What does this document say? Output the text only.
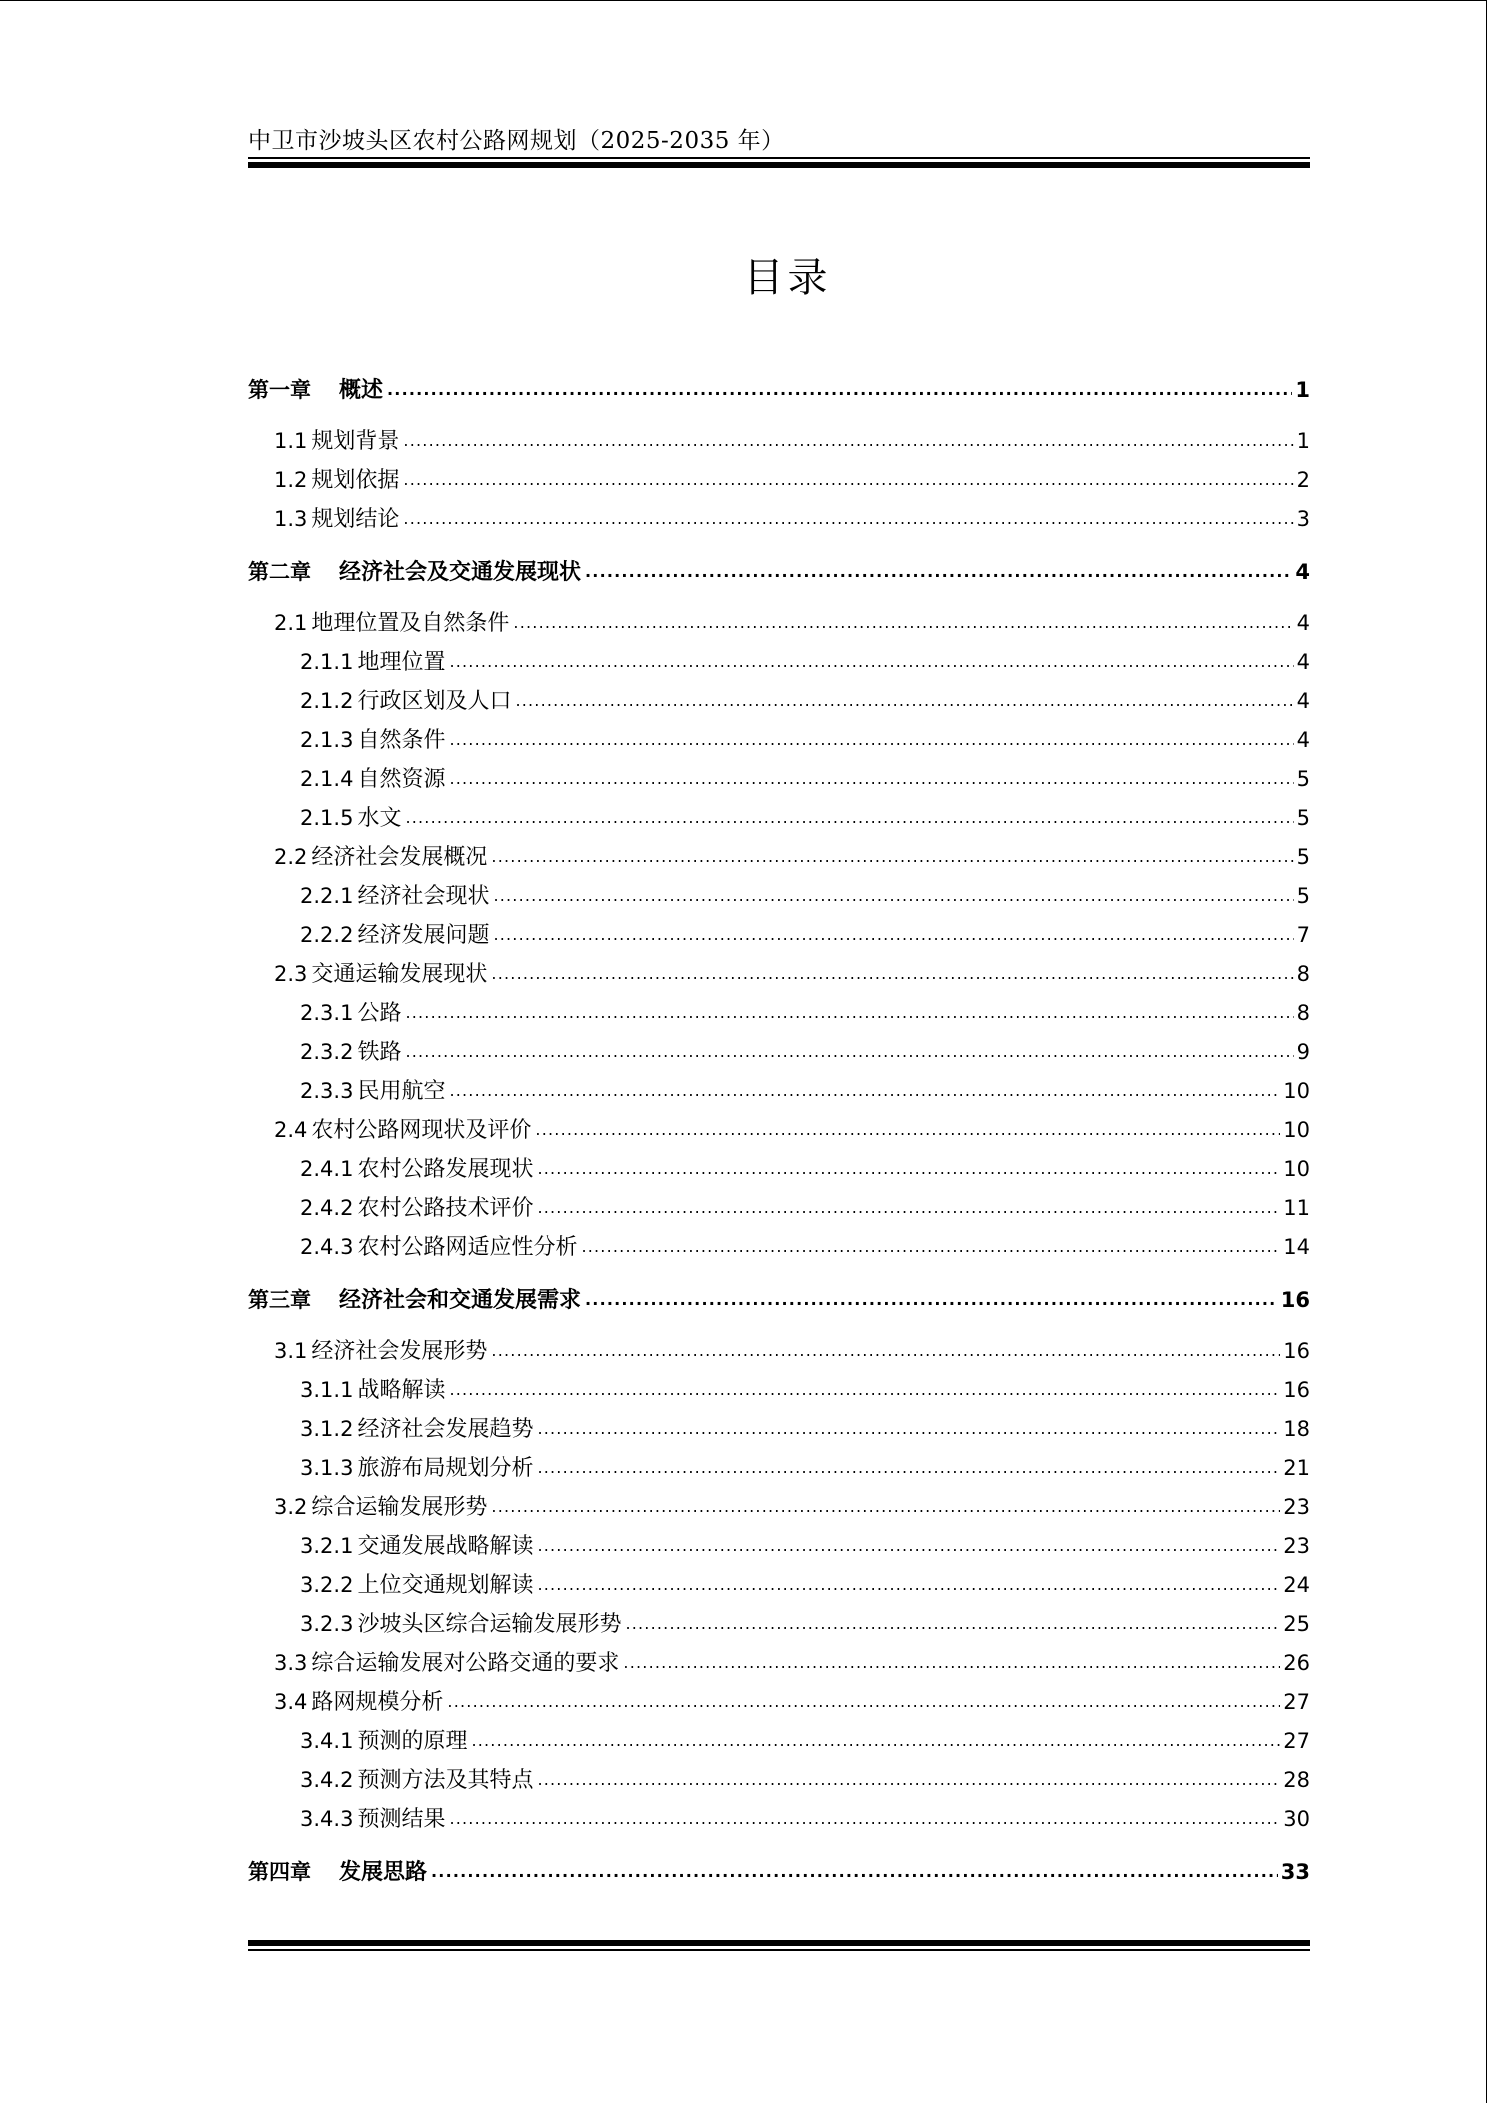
中卫市沙坡头区农村公路网规划（2025-2035 年）
目录
第一章 概述 .....	1
1.1 规划背景 .....	1
1.2 规划依据 .....	2
1.3 规划结论 .....	3
第二章 经济社会及交通发展现状 .....	4
2.1 地理位置及自然条件 .....	4
2.1.1 地理位置 .....	4
2.1.2 行政区划及人口 .....	4
2.1.3 自然条件 .....	4
2.1.4 自然资源 .....	5
2.1.5 水文 .....	5
2.2 经济社会发展概况 .....	5
2.2.1 经济社会现状 .....	5
2.2.2 经济发展问题 .....	7
2.3 交通运输发展现状 .....	8
2.3.1 公路 .....	8
2.3.2 铁路 .....	9
2.3.3 民用航空 .....	10
2.4 农村公路网现状及评价 .....	10
2.4.1 农村公路发展现状 .....	10
2.4.2 农村公路技术评价 .....	11
2.4.3 农村公路网适应性分析 .....	14
第三章 经济社会和交通发展需求 .....	16
3.1 经济社会发展形势 .....	16
3.1.1 战略解读 .....	16
3.1.2 经济社会发展趋势 .....	18
3.1.3 旅游布局规划分析 .....	21
3.2 综合运输发展形势 .....	23
3.2.1 交通发展战略解读 .....	23
3.2.2 上位交通规划解读 .....	24
3.2.3 沙坡头区综合运输发展形势 .....	25
3.3 综合运输发展对公路交通的要求 .....	26
3.4 路网规模分析 .....	27
3.4.1 预测的原理 .....	27
3.4.2 预测方法及其特点 .....	28
3.4.3 预测结果 .....	30
第四章 发展思路 .....	33
